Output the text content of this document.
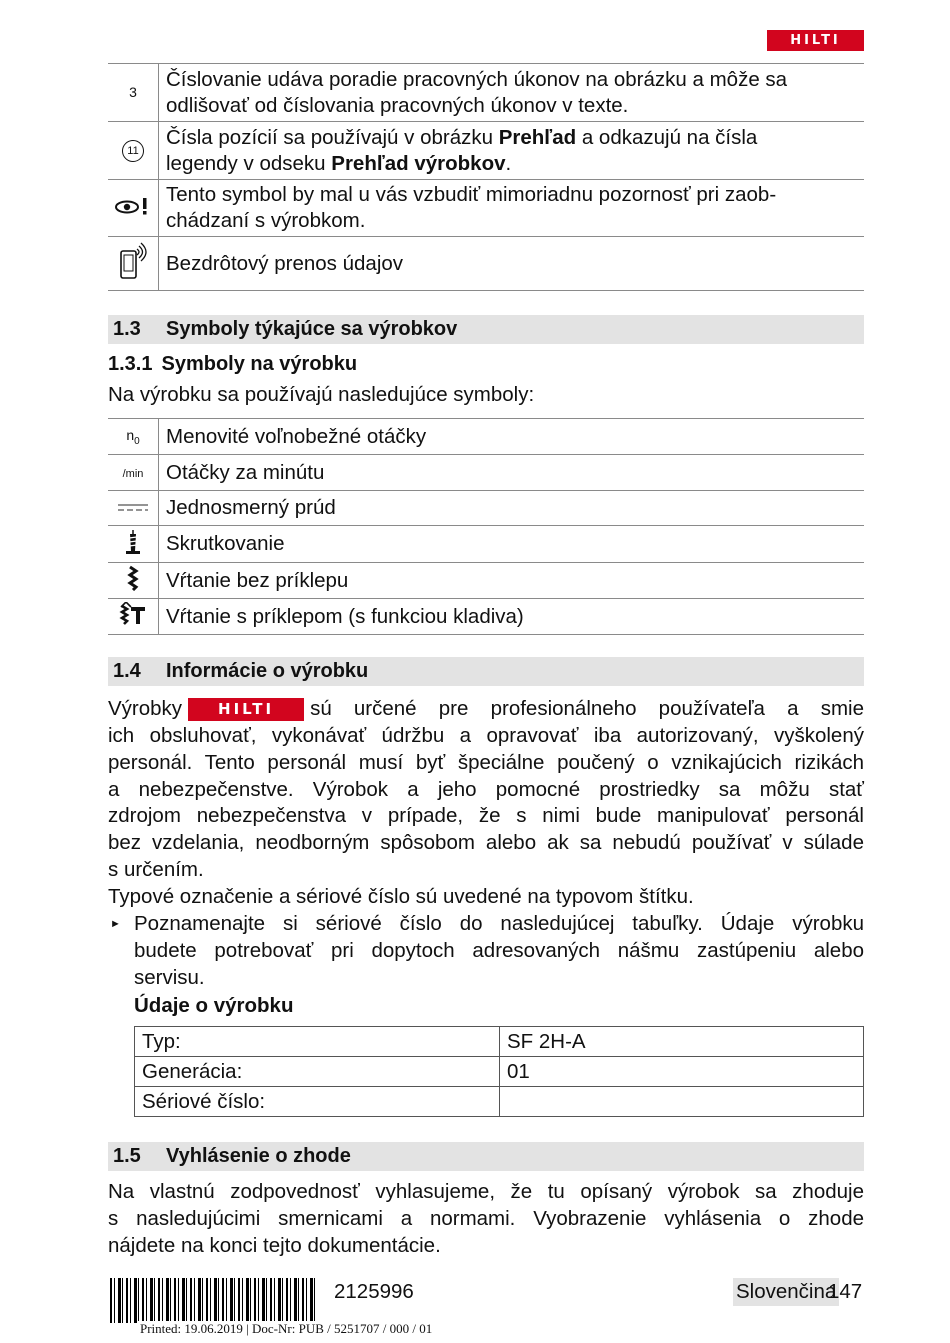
HILTI
3	Číslovanie udáva poradie pracovných úkonov na obrázku a môže sa
odlišovať od číslovania pracovných úkonov v texte.

11	Čísla pozícií sa používajú v obrázku Prehľad a odkazujú na čísla
legendy v odseku Prehľad výrobkov.

Tento symbol by mal u vás vzbudiť mimoriadnu pozornosť pri zaob-
chádzaní s výrobkom.

Bezdrôtový prenos údajov
1.3 Symboly týkajúce sa výrobkov
1.3.1 Symboly na výrobku
Na výrobku sa používajú nasledujúce symboly:
$n_0$	Menovité voľnobežné otáčky
/min	Otáčky za minútu
	Jednosmerný prúd
	Skrutkovanie
	Vŕtanie bez príklepu
	Vŕtanie s príklepom (s funkciou kladiva)
1.4 Informácie o výrobku
Výrobky	HILTI	sú určené pre profesionálneho používateľa a smie
ich obsluhovať, vykonávať údržbu a opravovať iba autorizovaný, vyškolený
personál. Tento personál musí byť špeciálne poučený o vznikajúcich rizikách
a nebezpečenstve. Výrobok a jeho pomocné prostriedky sa môžu stať
zdrojom nebezpečenstva v prípade, že s nimi bude manipulovať personál
bez vzdelania, neodborným spôsobom alebo ak sa nebudú používať v súlade
s určením.
Typové označenie a sériové číslo sú uvedené na typovom štítku.
► Poznamenajte si sériové číslo do nasledujúcej tabuľky. Údaje výrobku
budete potrebovať pri dopytoch adresovaných nášmu zastúpeniu alebo
servisu.
Údaje o výrobku
Typ:	SF 2H-A
Generácia:	01
Sériové číslo:	
1.5 Vyhlásenie o zhode
Na vlastnú zodpovednosť vyhlasujeme, že tu opísaný výrobok sa zhoduje
s nasledujúcimi smernicami a normami. Vyobrazenie vyhlásenia o zhode
nájdete na konci tejto dokumentácie.
2125996	Slovenčina
147
Printed: 19.06.2019 | Doc-Nr: PUB / 5251707 / 000 / 01
